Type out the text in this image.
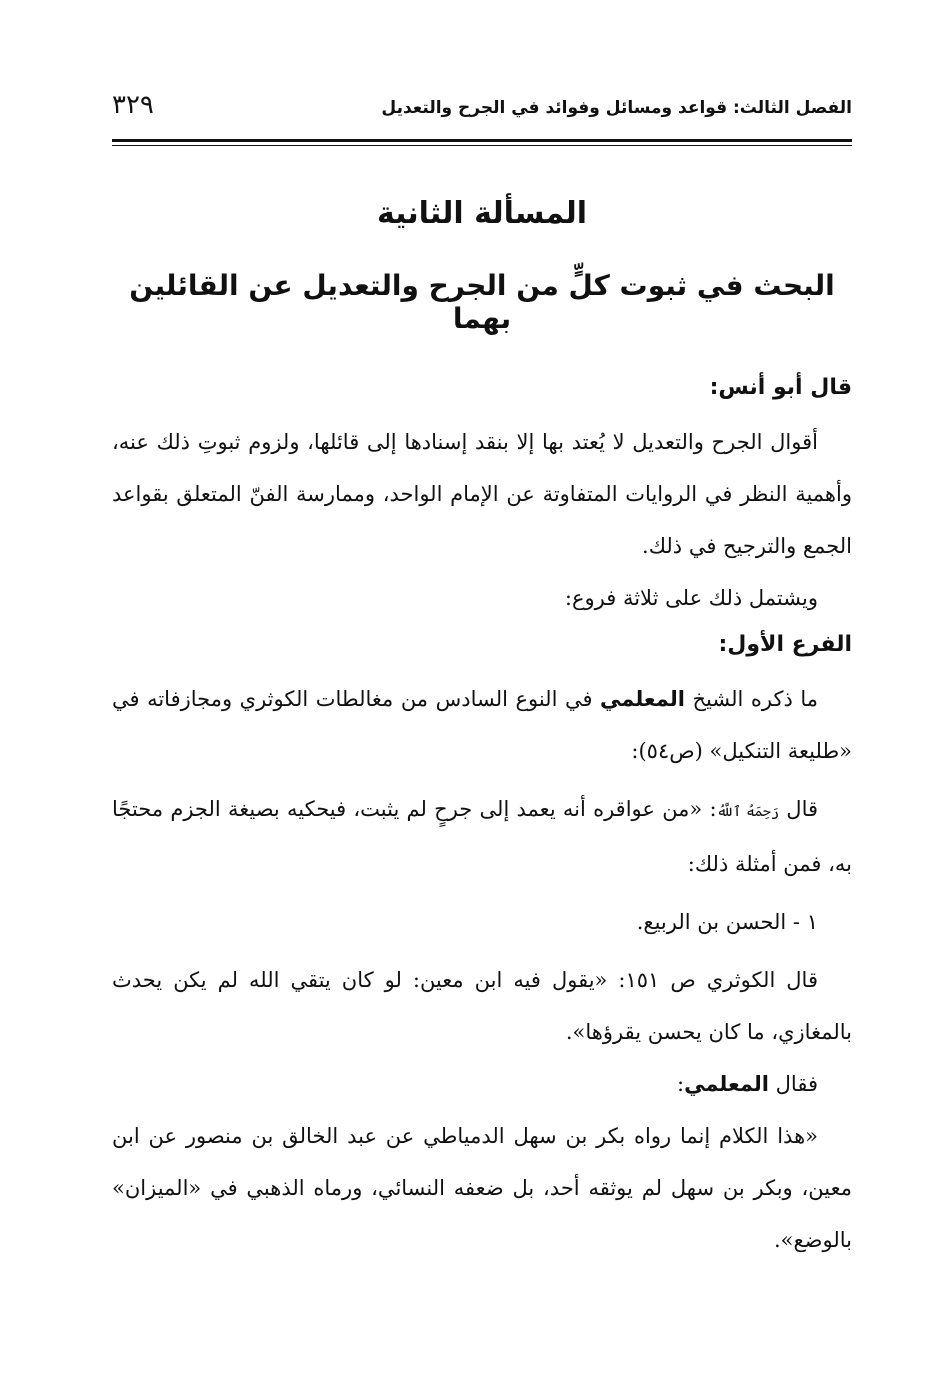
الفصل الثالث: قواعد ومسائل وفوائد في الجرح والتعديل
٣٢٩
المسألة الثانية
البحث في ثبوت كلٍّ من الجرح والتعديل عن القائلين بهما
قال أبو أنس:

أقوال الجرح والتعديل لا يُعتد بها إلا بنقد إسنادها إلى قائلها، ولزوم ثبوتِ ذلك عنه، وأهمية النظر في الروايات المتفاوتة عن الإمام الواحد، وممارسة الفنّ المتعلق بقواعد الجمع والترجيح في ذلك.

ويشتمل ذلك على ثلاثة فروع:

الفرع الأول:

ما ذكره الشيخ المعلمي في النوع السادس من مغالطات الكوثري ومجازفاته في «طليعة التنكيل» (ص٥٤):

قال رَحِمَهُ ٱللَّهُ: «من عواقره أنه يعمد إلى جرحٍ لم يثبت، فيحكيه بصيغة الجزم محتجًا به، فمن أمثلة ذلك:

١ - الحسن بن الربيع.

قال الكوثري ص ١٥١: «يقول فيه ابن معين: لو كان يتقي الله لم يكن يحدث بالمغازي، ما كان يحسن يقرؤها».

فقال المعلمي:

«هذا الكلام إنما رواه بكر بن سهل الدمياطي عن عبد الخالق بن منصور عن ابن معين، وبكر بن سهل لم يوثقه أحد، بل ضعفه النسائي، ورماه الذهبي في «الميزان» بالوضع».
